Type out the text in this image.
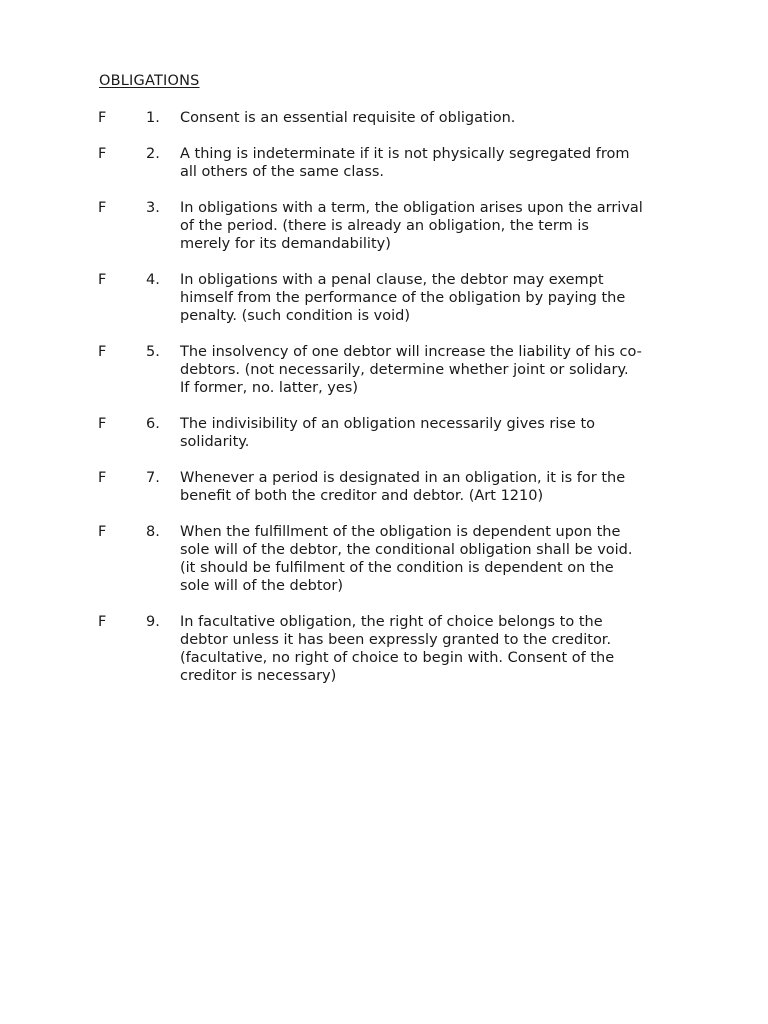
OBLIGATIONS
F	1. Consent is an essential requisite of obligation.
F	2. A thing is indeterminate if it is not physically segregated from
all others of the same class.
F	3. In obligations with a term, the obligation arises upon the arrival
of the period. (there is already an obligation, the term is
merely for its demandability)
F	4. In obligations with a penal clause, the debtor may exempt
himself from the performance of the obligation by paying the
penalty. (such condition is void)
F	5. The insolvency of one debtor will increase the liability of his co-
debtors. (not necessarily, determine whether joint or solidary.
If former, no. latter, yes)
F	6. The indivisibility of an obligation necessarily gives rise to
solidarity.
F	7. Whenever a period is designated in an obligation, it is for the
benefit of both the creditor and debtor. (Art 1210)
F	8. When the fulfillment of the obligation is dependent upon the
sole will of the debtor, the conditional obligation shall be void.
(it should be fulfilment of the condition is dependent on the
sole will of the debtor)
F	9. In facultative obligation, the right of choice belongs to the
debtor unless it has been expressly granted to the creditor.
(facultative, no right of choice to begin with. Consent of the
creditor is necessary)
